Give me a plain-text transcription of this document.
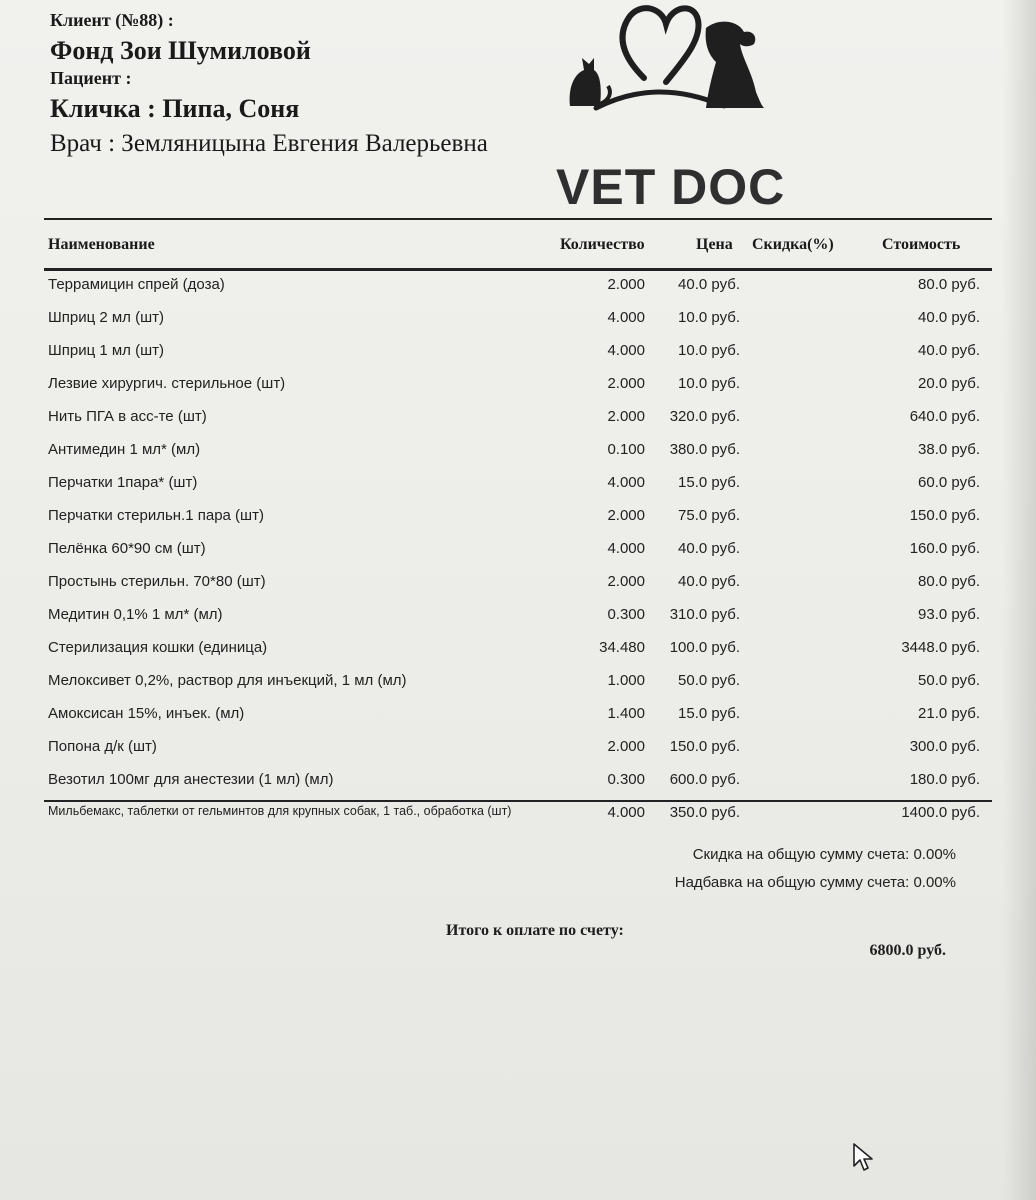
Клиент (№88) :
Фонд Зои Шумиловой
Пациент :
Кличка : Пипа, Соня
Врач : Земляницына Евгения Валерьевна
VET DOC
Наименование	Количество	Цена Скидка(%)	Стоимость
Террамицин спрей (доза)	2.000	40.0 руб.	80.0 руб.
Шприц 2 мл (шт)	4.000	10.0 руб.	40.0 руб.
Шприц 1 мл (шт)	4.000	10.0 руб.	40.0 руб.
Лезвие хирургич. стерильное (шт)	2.000	10.0 руб.	20.0 руб.
Нить ПГА в асс-те (шт)	2.000	320.0 руб.	640.0 руб.
Антимедин 1 мл* (мл)	0.100	380.0 руб.	38.0 руб.
Перчатки 1пара* (шт)	4.000	15.0 руб.	60.0 руб.
Перчатки стерильн.1 пара (шт)	2.000	75.0 руб.	150.0 руб.
Пелёнка 60*90 см (шт)	4.000	40.0 руб.	160.0 руб.
Простынь стерильн. 70*80 (шт)	2.000	40.0 руб.	80.0 руб.
Медитин 0,1% 1 мл* (мл)	0.300	310.0 руб.	93.0 руб.
Стерилизация кошки (единица)	34.480	100.0 руб.	3448.0 руб.
Мелоксивет 0,2%, раствор для инъекций, 1 мл (мл)	1.000	50.0 руб.	50.0 руб.
Амоксисан 15%, инъек. (мл)	1.400	15.0 руб.	21.0 руб.
Попона д/к (шт)	2.000	150.0 руб.	300.0 руб.
Везотил 100мг для анестезии (1 мл) (мл)	0.300	600.0 руб.	180.0 руб.
Мильбемакс, таблетки от гельминтов для крупных собак, 1 таб., обработка (шт)	4.000	350.0 руб.	1400.0 руб.
Скидка на общую сумму счета: 0.00%
Надбавка на общую сумму счета: 0.00%
Итого к оплате по счету:
6800.0 руб.
